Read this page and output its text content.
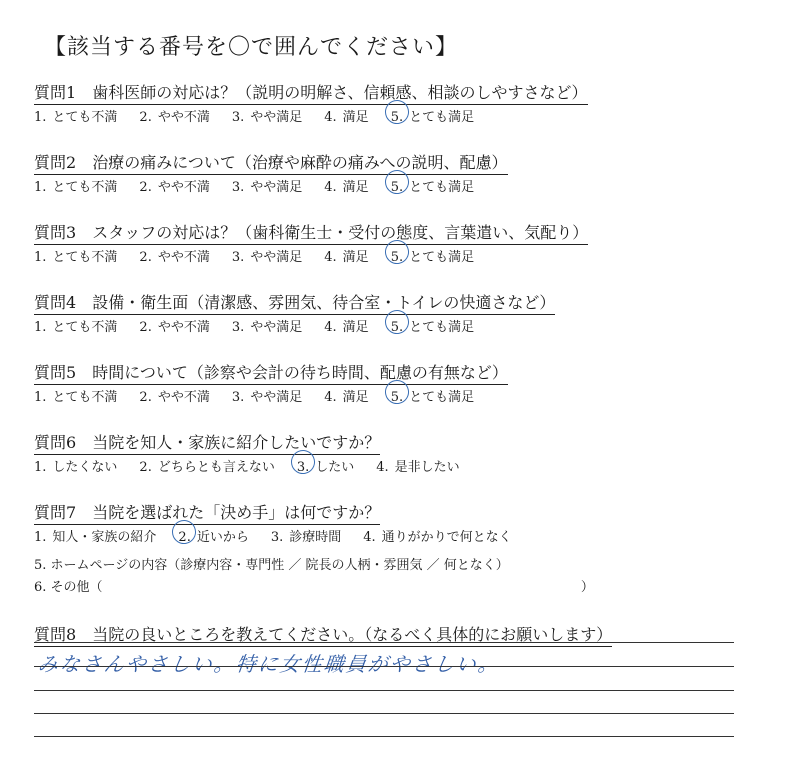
【該当する番号を〇で囲んでください】
質問1 歯科医師の対応は？（説明の明解さ、信頼感、相談のしやすさなど）
1. とても不満 2. やや不満 3. やや満足 4. 満足 5. とても満足
質問2 治療の痛みについて（治療や麻酔の痛みへの説明、配慮）
1. とても不満 2. やや不満 3. やや満足 4. 満足 5. とても満足
質問3 スタッフの対応は？（歯科衛生士・受付の態度、言葉遣い、気配り）
1. とても不満 2. やや不満 3. やや満足 4. 満足 5. とても満足
質問4 設備・衛生面（清潔感、雰囲気、待合室・トイレの快適さなど）
1. とても不満 2. やや不満 3. やや満足 4. 満足 5. とても満足
質問5 時間について（診察や会計の待ち時間、配慮の有無など）
1. とても不満 2. やや不満 3. やや満足 4. 満足 5. とても満足
質問6 当院を知人・家族に紹介したいですか？
1. したくない 2. どちらとも言えない 3. したい 4. 是非したい
質問7 当院を選ばれた「決め手」は何ですか？
1. 知人・家族の紹介 2. 近いから 3. 診療時間 4. 通りがかりで何となく
5. ホームページの内容（診療内容・専門性 ／ 院長の人柄・雰囲気 ／ 何となく）
6. その他（	）
質問8 当院の良いところを教えてください。（なるべく具体的にお願いします）
みなさんやさしい。特に女性職員がやさしい。
